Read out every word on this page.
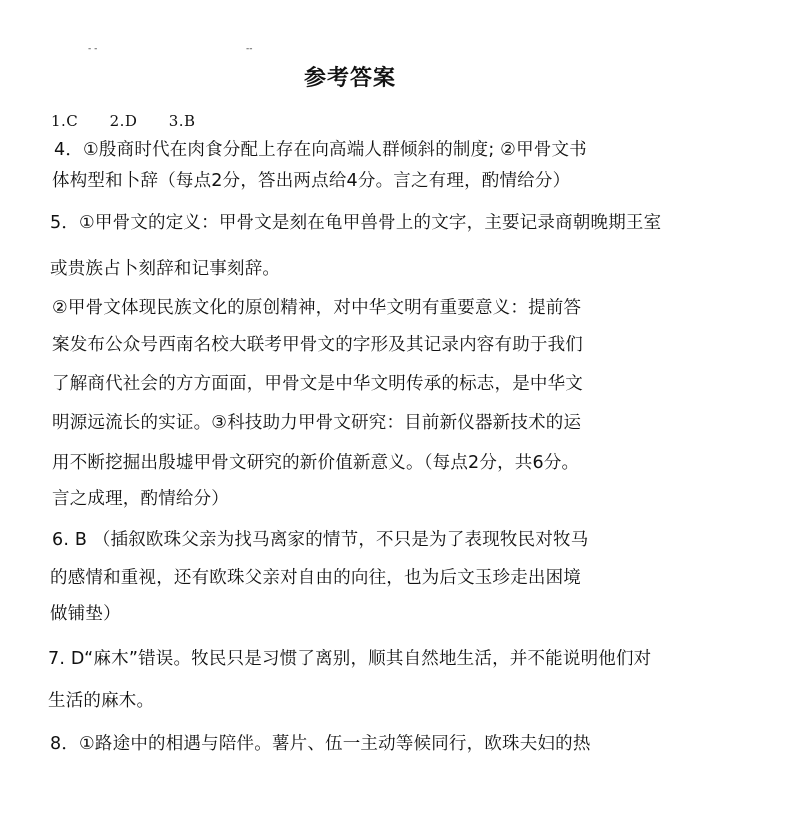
- -	--
参考答案
1.C 2.D 3.B
4．①殷商时代在肉食分配上存在向高端人群倾斜的制度; ②甲骨文书
体构型和卜辞（每点2分，答出两点给4分。言之有理，酌情给分）
5．①甲骨文的定义：甲骨文是刻在龟甲兽骨上的文字，主要记录商朝晚期王室
或贵族占卜刻辞和记事刻辞。
②甲骨文体现民族文化的原创精神，对中华文明有重要意义：提前答
案发布公众号西南名校大联考甲骨文的字形及其记录内容有助于我们
了解商代社会的方方面面，甲骨文是中华文明传承的标志，是中华文
明源远流长的实证。③科技助力甲骨文研究：目前新仪器新技术的运
用不断挖掘出殷墟甲骨文研究的新价值新意义。（每点2分，共6分。
言之成理，酌情给分）
6. B （插叙欧珠父亲为找马离家的情节，不只是为了表现牧民对牧马
的感情和重视，还有欧珠父亲对自由的向往，也为后文玉珍走出困境
做铺垫）
7. D“麻木”错误。牧民只是习惯了离别，顺其自然地生活，并不能说明他们对
生活的麻木。
8．①路途中的相遇与陪伴。薯片、伍一主动等候同行，欧珠夫妇的热
